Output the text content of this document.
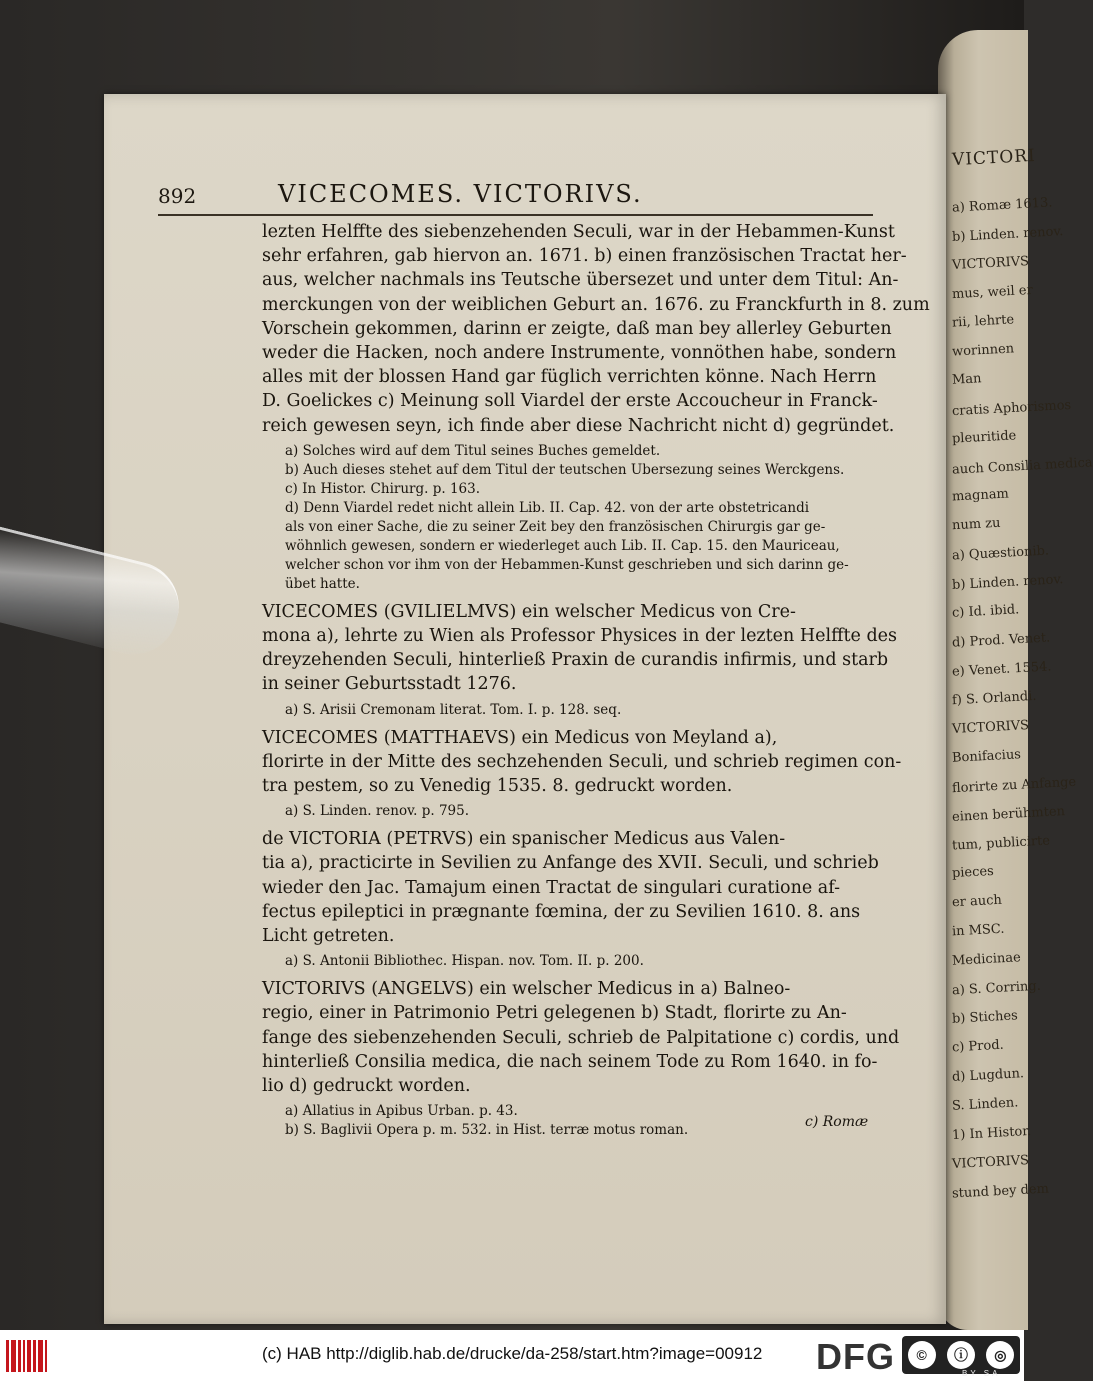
VICTORI
a) Romæ 1613.
b) Linden. renov.
VICTORIVS
mus, weil er
rii, lehrte
worinnen
Man
cratis Aphorismos
pleuritide
auch Consilia medica
magnam
num zu
a) Quæstionib.
b) Linden. renov.
c) Id. ibid.
d) Prod. Venet.
e) Venet. 1554.
f) S. Orlandi.
VICTORIVS
Bonifacius
florirte zu Anfange
einen berühmten
tum, publicirte
pieces
er auch
in MSC.
Medicinae
a) S. Corring.
b) Stiches
c) Prod.
d) Lugdun.
S. Linden.
1) In Histor.
VICTORIVS
stund bey dem
892	VICECOMES. VICTORIVS.
lezten Helffte des siebenzehenden Seculi, war in der Hebammen-Kunst
sehr erfahren, gab hiervon an. 1671. b) einen französischen Tractat her-
aus, welcher nachmals ins Teutsche übersezet und unter dem Titul: An-
merckungen von der weiblichen Geburt an. 1676. zu Franckfurth in 8. zum
Vorschein gekommen, darinn er zeigte, daß man bey allerley Geburten
weder die Hacken, noch andere Instrumente, vonnöthen habe, sondern
alles mit der blossen Hand gar füglich verrichten könne. Nach Herrn
D. Goelickes c) Meinung soll Viardel der erste Accoucheur in Franck-
reich gewesen seyn, ich finde aber diese Nachricht nicht d) gegründet.
a) Solches wird auf dem Titul seines Buches gemeldet.
b) Auch dieses stehet auf dem Titul der teutschen Ubersezung seines Werckgens.
c) In Histor. Chirurg. p. 163.
d) Denn Viardel redet nicht allein Lib. II. Cap. 42. von der arte obstetricandi
als von einer Sache, die zu seiner Zeit bey den französischen Chirurgis gar ge-
wöhnlich gewesen, sondern er wiederleget auch Lib. II. Cap. 15. den Mauriceau,
welcher schon vor ihm von der Hebammen-Kunst geschrieben und sich darinn ge-
übet hatte.
VICECOMES (GVILIELMVS) ein welscher Medicus von Cre-
mona a), lehrte zu Wien als Professor Physices in der lezten Helffte des
dreyzehenden Seculi, hinterließ Praxin de curandis infirmis, und starb
in seiner Geburtsstadt 1276.
a) S. Arisii Cremonam literat. Tom. I. p. 128. seq.
VICECOMES (MATTHAEVS) ein Medicus von Meyland a),
florirte in der Mitte des sechzehenden Seculi, und schrieb regimen con-
tra pestem, so zu Venedig 1535. 8. gedruckt worden.
a) S. Linden. renov. p. 795.
de VICTORIA (PETRVS) ein spanischer Medicus aus Valen-
tia a), practicirte in Sevilien zu Anfange des XVII. Seculi, und schrieb
wieder den Jac. Tamajum einen Tractat de singulari curatione af-
fectus epileptici in prægnante fœmina, der zu Sevilien 1610. 8. ans
Licht getreten.
a) S. Antonii Bibliothec. Hispan. nov. Tom. II. p. 200.
VICTORIVS (ANGELVS) ein welscher Medicus in a) Balneo-
regio, einer in Patrimonio Petri gelegenen b) Stadt, florirte zu An-
fange des siebenzehenden Seculi, schrieb de Palpitatione c) cordis, und
hinterließ Consilia medica, die nach seinem Tode zu Rom 1640. in fo-
lio d) gedruckt worden.
a) Allatius in Apibus Urban. p. 43.
b) S. Baglivii Opera p. m. 532. in Hist. terræ motus roman.
c) Romæ
(c) HAB http://diglib.hab.de/drucke/da-258/start.htm?image=00912 DFG	©	ⓘ	◎
BY SA
